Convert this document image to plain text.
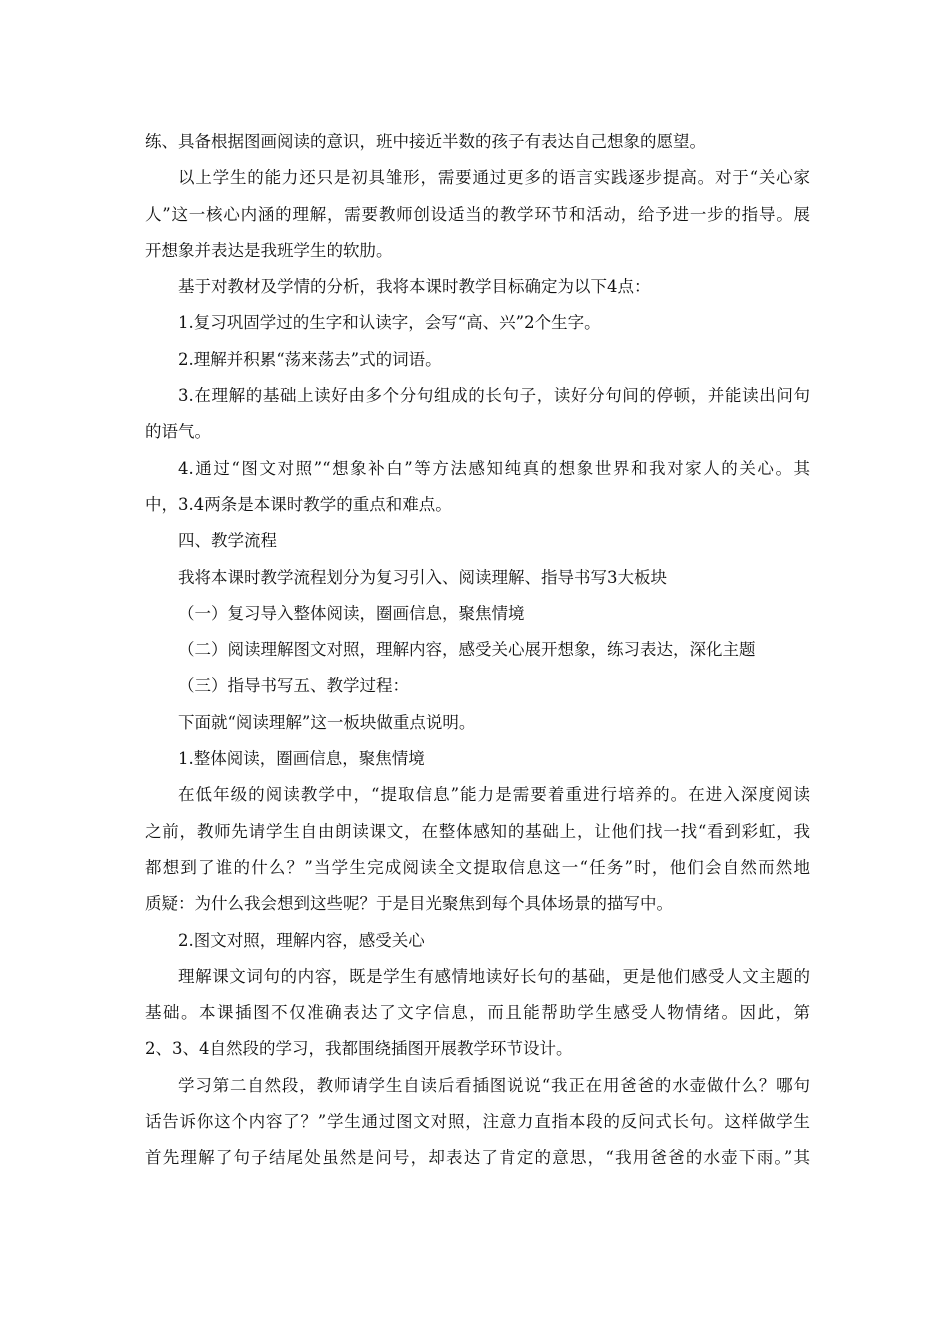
练、具备根据图画阅读的意识，班中接近半数的孩子有表达自己想象的愿望。
以上学生的能力还只是初具雏形，需要通过更多的语言实践逐步提高。对于“关心家
人”这一核心内涵的理解，需要教师创设适当的教学环节和活动，给予进一步的指导。展
开想象并表达是我班学生的软肋。
基于对教材及学情的分析，我将本课时教学目标确定为以下4点：
1.复习巩固学过的生字和认读字，会写“高、兴”2个生字。
2.理解并积累“荡来荡去”式的词语。
3.在理解的基础上读好由多个分句组成的长句子，读好分句间的停顿，并能读出问句
的语气。
4.通过“图文对照”“想象补白”等方法感知纯真的想象世界和我对家人的关心。其
中，3.4两条是本课时教学的重点和难点。
四、教学流程
我将本课时教学流程划分为复习引入、阅读理解、指导书写3大板块
（一）复习导入整体阅读，圈画信息，聚焦情境
（二）阅读理解图文对照，理解内容，感受关心展开想象，练习表达，深化主题
（三）指导书写五、教学过程：
下面就“阅读理解”这一板块做重点说明。
1.整体阅读，圈画信息，聚焦情境
在低年级的阅读教学中，“提取信息”能力是需要着重进行培养的。在进入深度阅读
之前，教师先请学生自由朗读课文，在整体感知的基础上，让他们找一找“看到彩虹，我
都想到了谁的什么？”当学生完成阅读全文提取信息这一“任务”时，他们会自然而然地
质疑：为什么我会想到这些呢？于是目光聚焦到每个具体场景的描写中。
2.图文对照，理解内容，感受关心
理解课文词句的内容，既是学生有感情地读好长句的基础，更是他们感受人文主题的
基础。本课插图不仅准确表达了文字信息，而且能帮助学生感受人物情绪。因此，第
2、3、4自然段的学习，我都围绕插图开展教学环节设计。
学习第二自然段，教师请学生自读后看插图说说“我正在用爸爸的水壶做什么？哪句
话告诉你这个内容了？”学生通过图文对照，注意力直指本段的反问式长句。这样做学生
首先理解了句子结尾处虽然是问号，却表达了肯定的意思，“我用爸爸的水壶下雨。”其
